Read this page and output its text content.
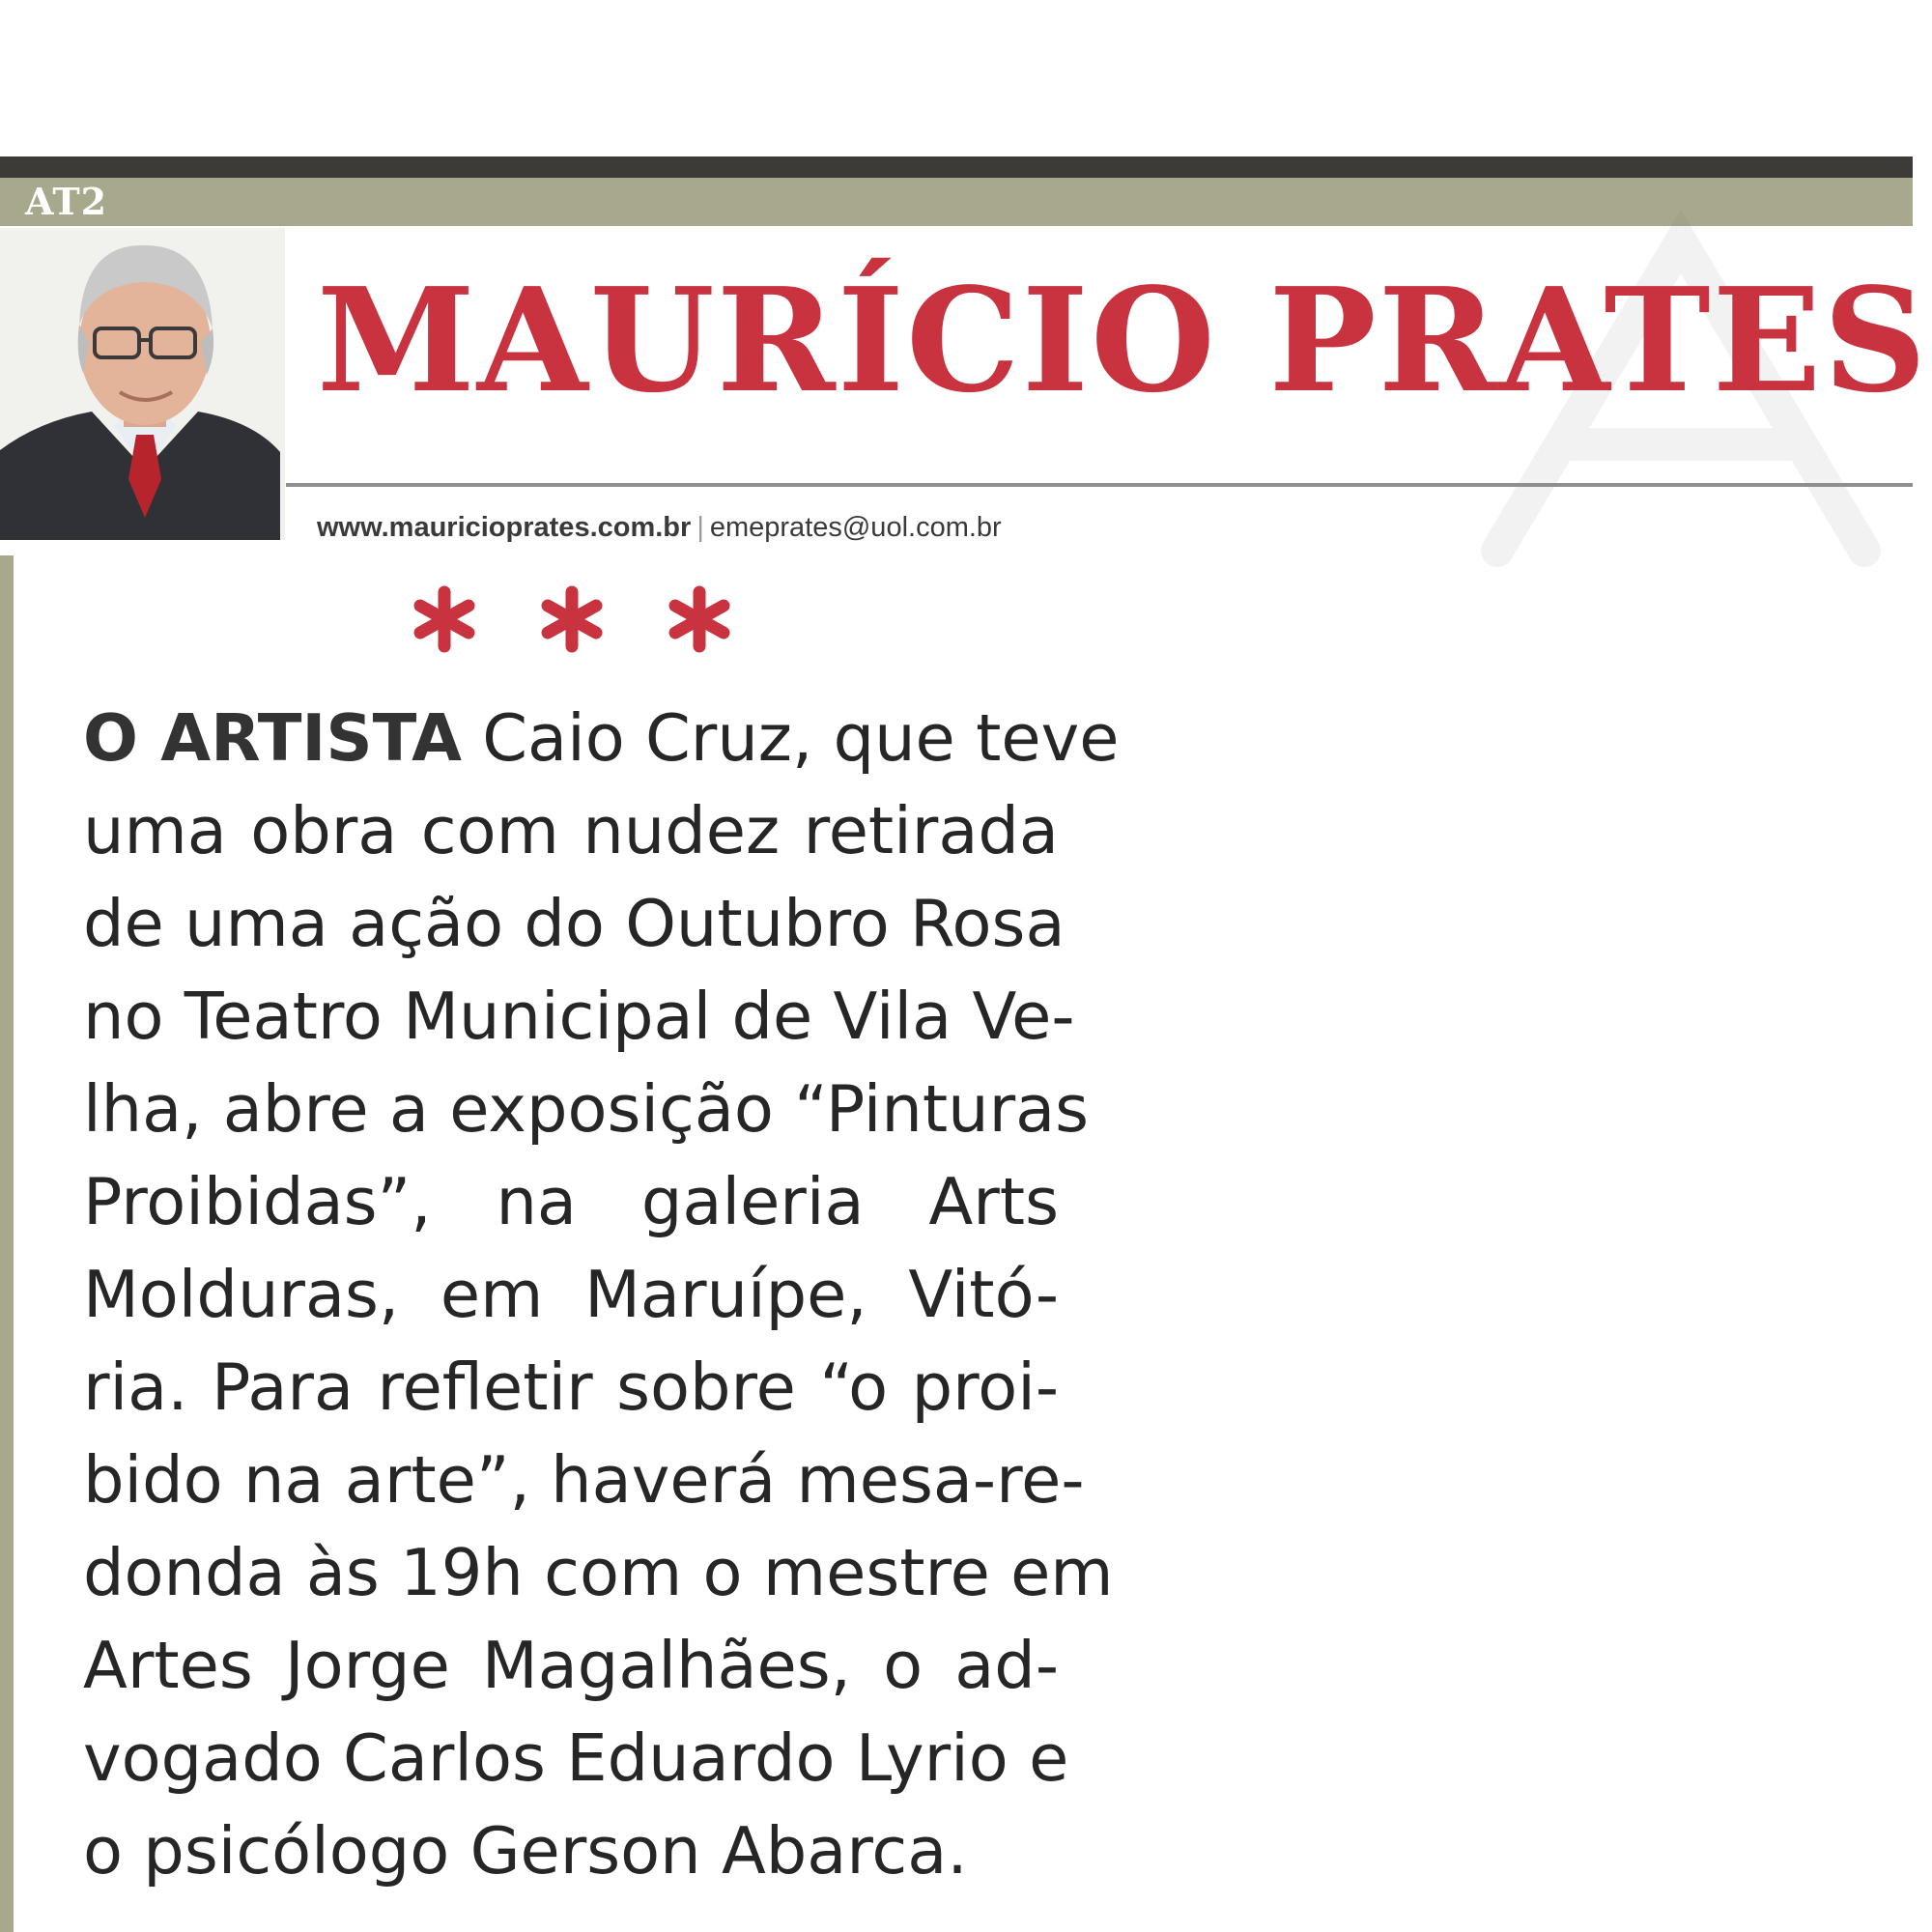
AT2
MAURÍCIO PRATES
www.mauricioprates.com.br | emeprates@uol.com.br
O ARTISTA Caio Cruz, que teve
uma obra com nudez retirada
de uma ação do Outubro Rosa
no Teatro Municipal de Vila Ve-
lha, abre a exposição “Pinturas
Proibidas”, na galeria Arts
Molduras, em Maruípe, Vitó-
ria. Para refletir sobre “o proi-
bido na arte”, haverá mesa-re-
donda às 19h com o mestre em
Artes Jorge Magalhães, o ad-
vogado Carlos Eduardo Lyrio e
o psicólogo Gerson Abarca.
